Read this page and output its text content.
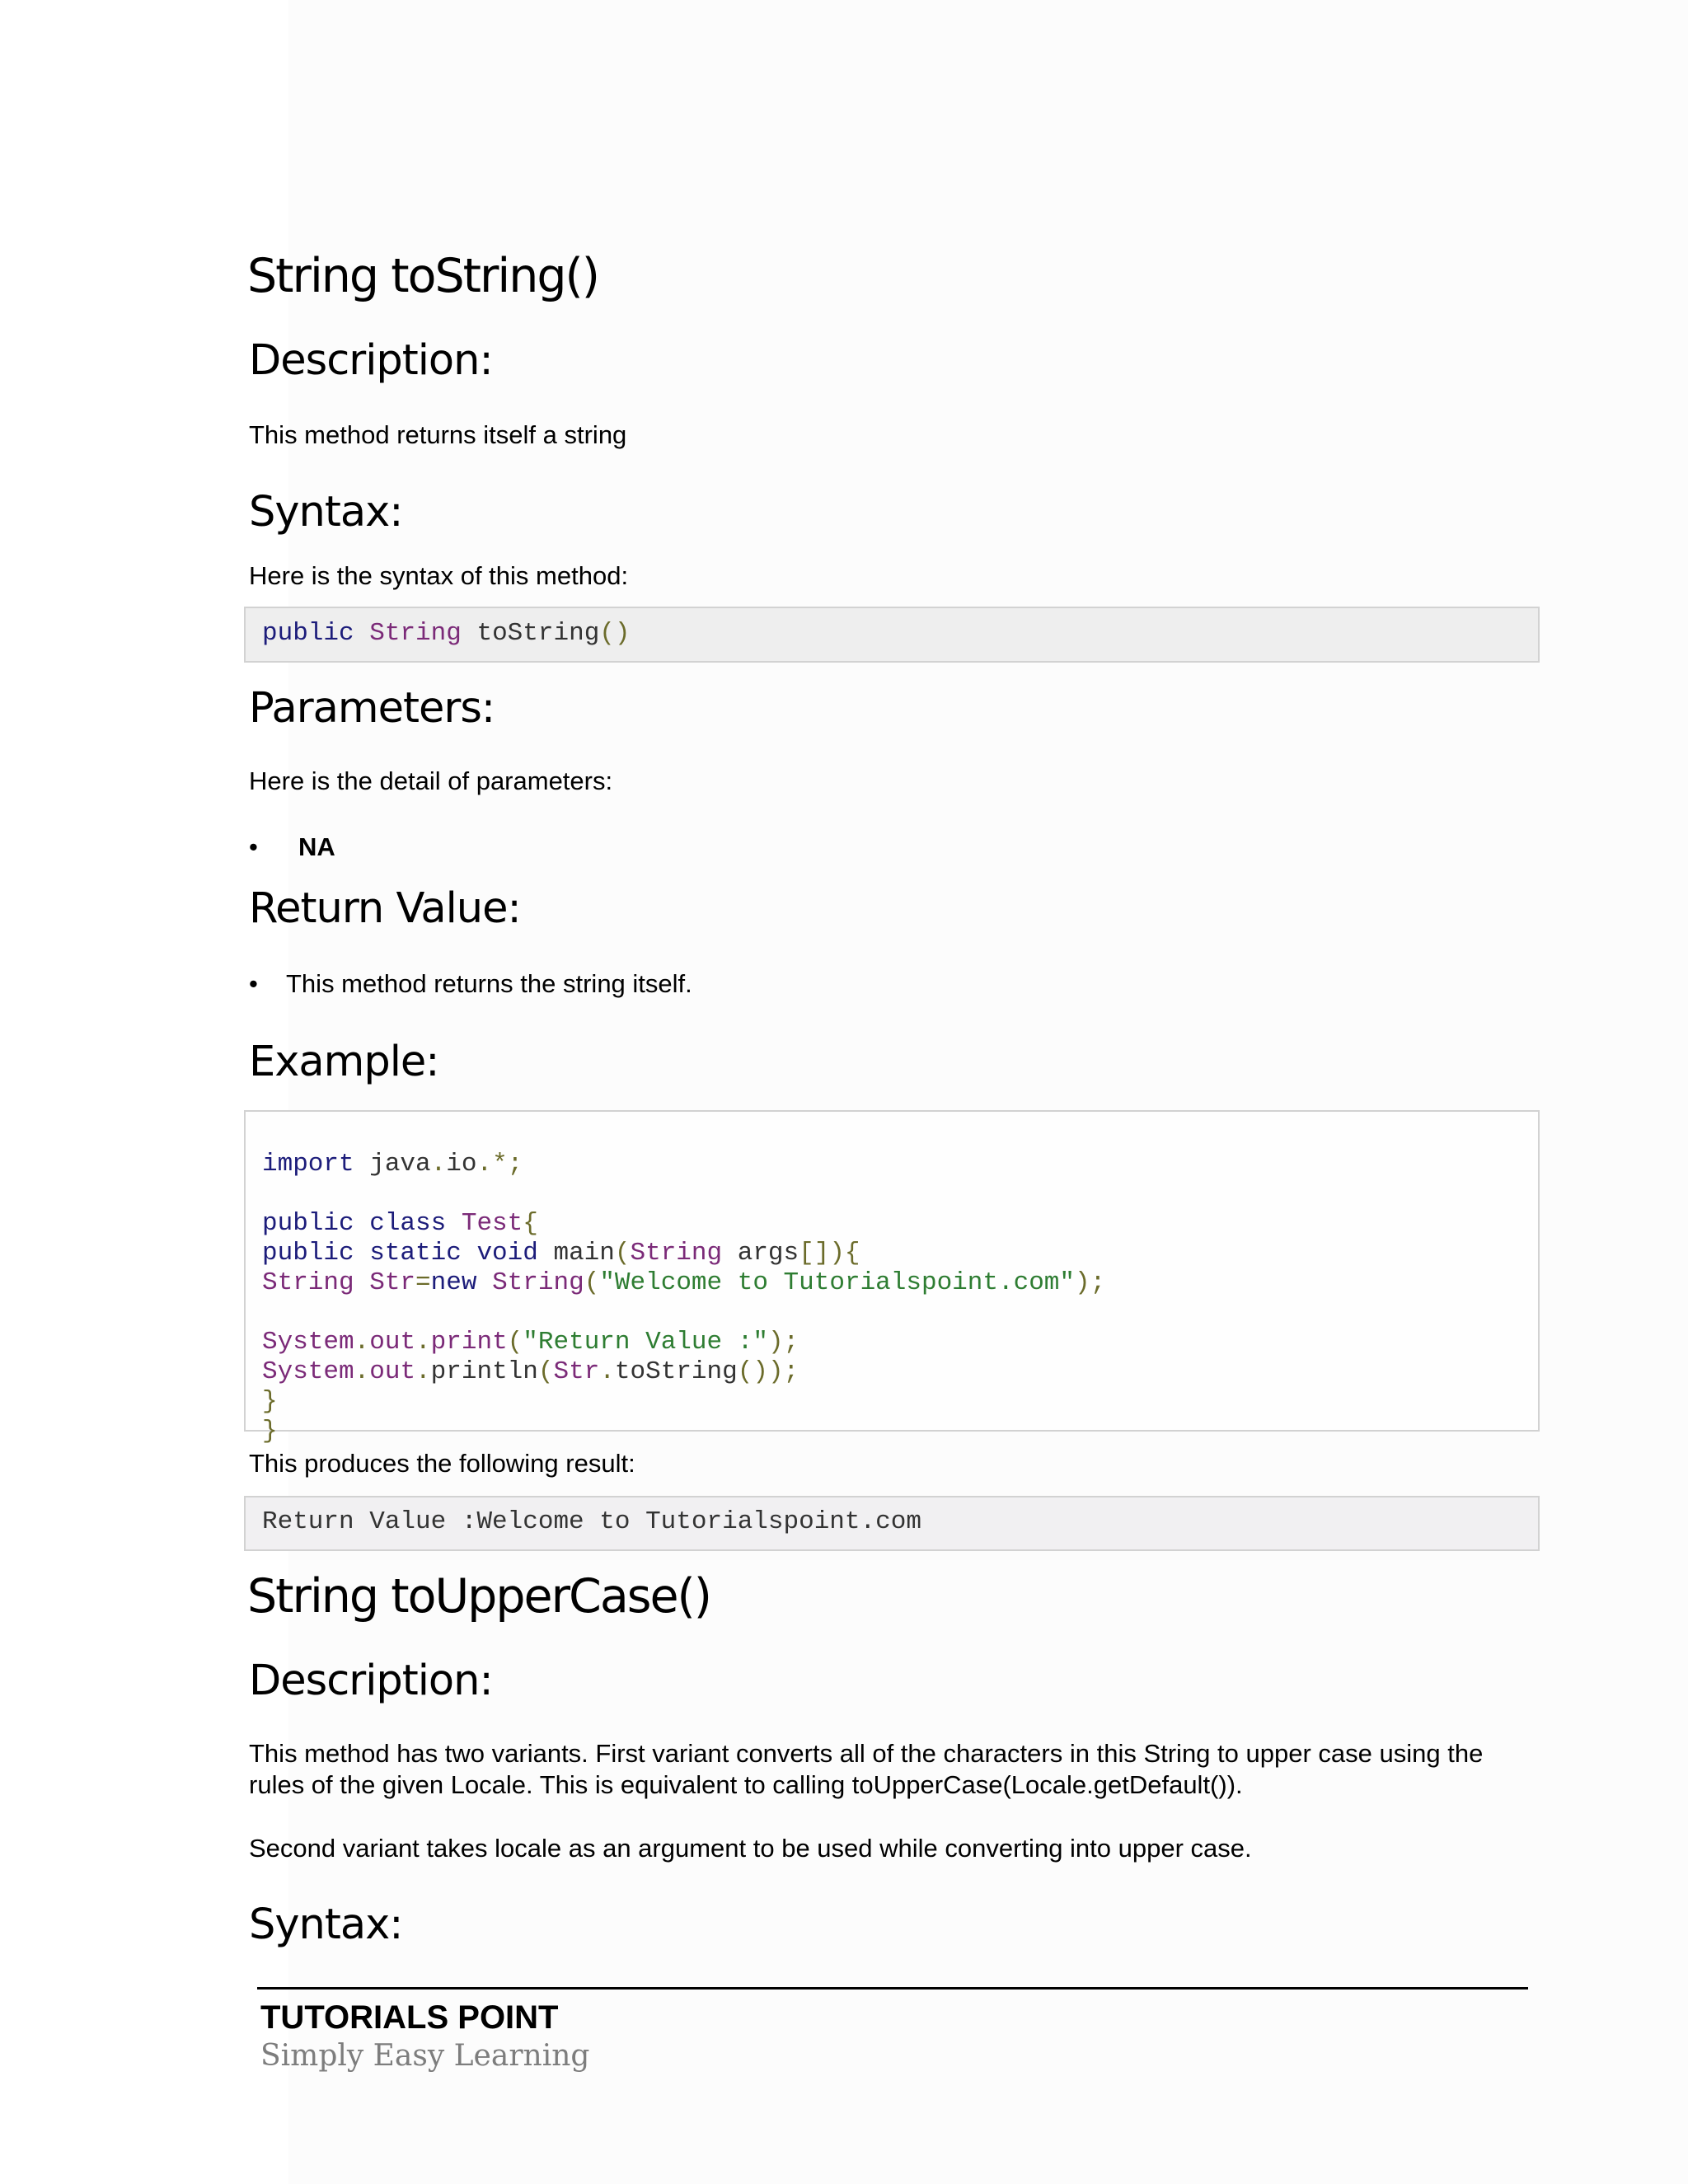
String toString()
Description:

This method returns itself a string

Syntax:

Here is the syntax of this method:

public String toString()
Parameters:

Here is the detail of parameters:

• NA
Return Value:
• This method returns the string itself.
Example:

import java.io.*;
public class Test{
public static void main(String args[]){
String Str=new String("Welcome to Tutorialspoint.com");
System.out.print("Return Value :");
System.out.println(Str.toString());
}
}

This produces the following result:

Return Value :Welcome to Tutorialspoint.com
String toUpperCase()
Description:

This method has two variants. First variant converts all of the characters in this String to upper case using the

rules of the given Locale. This is equivalent to calling toUpperCase(Locale.getDefault()).

Second variant takes locale as an argument to be used while converting into upper case.

Syntax:

TUTORIALS POINT

Simply Easy Learning
